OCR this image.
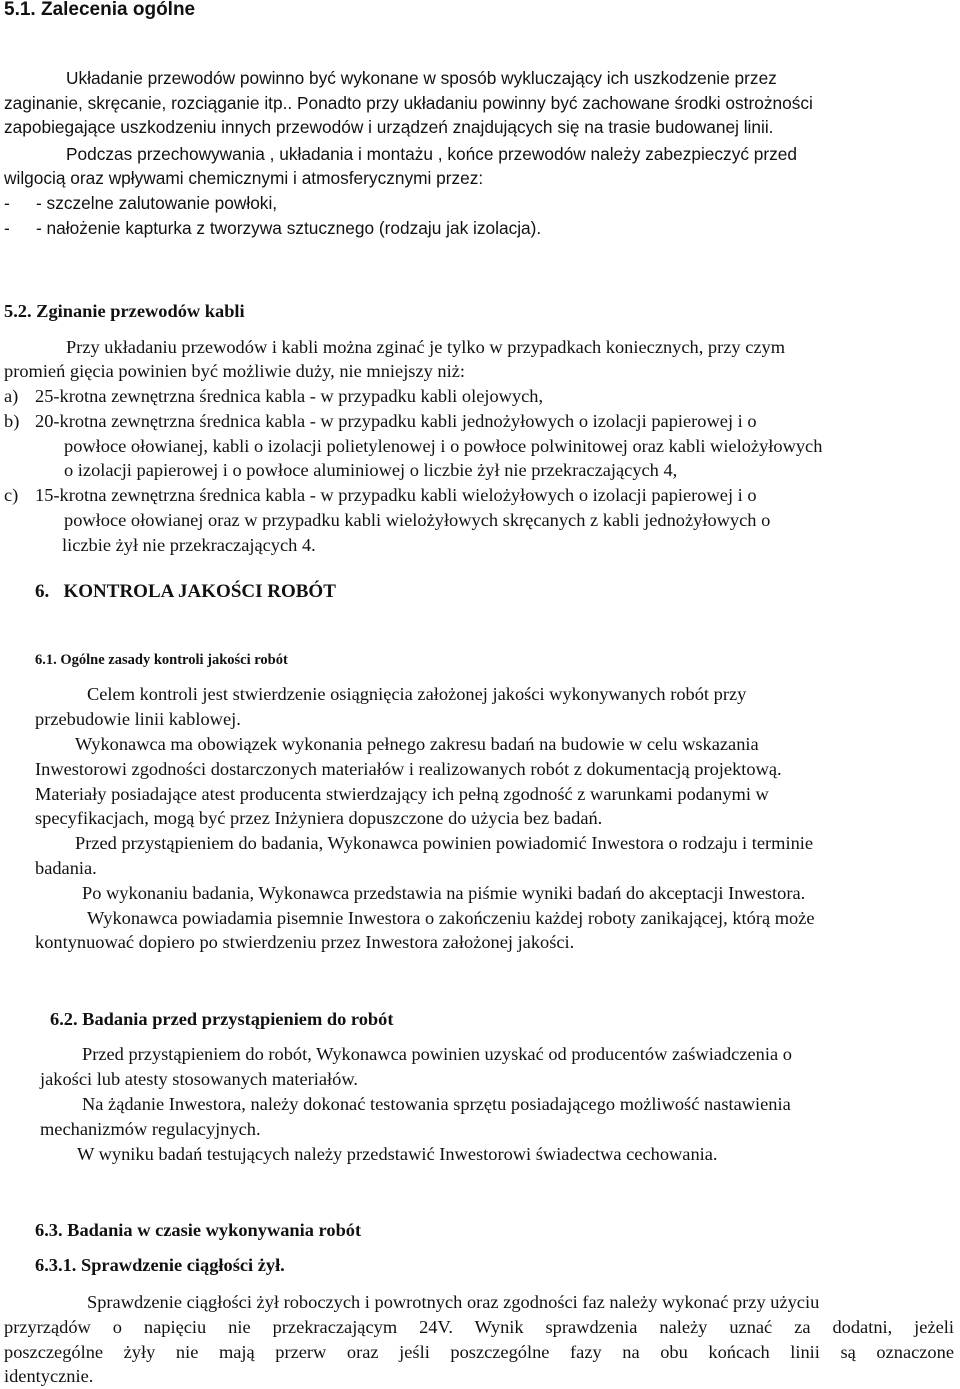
5.1. Zalecenia ogólne

Układanie przewodów powinno być wykonane w sposób wykluczający ich uszkodzenie przez

zaginanie, skręcanie, rozciąganie itp.. Ponadto przy układaniu powinny być zachowane środki ostrożności

zapobiegające uszkodzeniu innych przewodów i urządzeń znajdujących się na trasie budowanej linii.

Podczas przechowywania , układania i montażu , końce przewodów należy zabezpieczyć przed

wilgocią oraz wpływami chemicznymi i atmosferycznymi przez:

- - szczelne zalutowanie powłoki,

- - nałożenie kapturka z tworzywa sztucznego (rodzaju jak izolacja).

5.2. Zginanie przewodów kabli

Przy układaniu przewodów i kabli można zginać je tylko w przypadkach koniecznych, przy czym

promień gięcia powinien być możliwie duży, nie mniejszy niż:

a) 25-krotna zewnętrzna średnica kabla - w przypadku kabli olejowych,

b) 20-krotna zewnętrzna średnica kabla - w przypadku kabli jednożyłowych o izolacji papierowej i o

powłoce ołowianej, kabli o izolacji polietylenowej i o powłoce polwinitowej oraz kabli wielożyłowych

o izolacji papierowej i o powłoce aluminiowej o liczbie żył nie przekraczających 4,

c) 15-krotna zewnętrzna średnica kabla - w przypadku kabli wielożyłowych o izolacji papierowej i o

powłoce ołowianej oraz w przypadku kabli wielożyłowych skręcanych z kabli jednożyłowych o

liczbie żył nie przekraczających 4.

6.   KONTROLA JAKOŚCI ROBÓT
6.1. Ogólne zasady kontroli jakości robót

Celem kontroli jest stwierdzenie osiągnięcia założonej jakości wykonywanych robót przy

przebudowie linii kablowej.

Wykonawca ma obowiązek wykonania pełnego zakresu badań na budowie w celu wskazania

Inwestorowi zgodności dostarczonych materiałów i realizowanych robót z dokumentacją projektową.

Materiały posiadające atest producenta stwierdzający ich pełną zgodność z warunkami podanymi w

specyfikacjach, mogą być przez Inżyniera dopuszczone do użycia bez badań.

Przed przystąpieniem do badania, Wykonawca powinien powiadomić Inwestora o rodzaju i terminie

badania.

Po wykonaniu badania, Wykonawca przedstawia na piśmie wyniki badań do akceptacji Inwestora.

Wykonawca powiadamia pisemnie Inwestora o zakończeniu każdej roboty zanikającej, którą może

kontynuować dopiero po stwierdzeniu przez Inwestora założonej jakości.

6.2. Badania przed przystąpieniem do robót

Przed przystąpieniem do robót, Wykonawca powinien uzyskać od producentów zaświadczenia o

jakości lub atesty stosowanych materiałów.

Na żądanie Inwestora, należy dokonać testowania sprzętu posiadającego możliwość nastawienia

mechanizmów regulacyjnych.

W wyniku badań testujących należy przedstawić Inwestorowi świadectwa cechowania.

6.3. Badania w czasie wykonywania robót
6.3.1. Sprawdzenie ciągłości żył.

Sprawdzenie ciągłości żył roboczych i powrotnych oraz zgodności faz należy wykonać przy użyciu

przyrządów o napięciu nie przekraczającym 24V. Wynik sprawdzenia należy uznać za dodatni, jeżeli

poszczególne żyły nie mają przerw oraz jeśli poszczególne fazy na obu końcach linii są oznaczone

identycznie.
